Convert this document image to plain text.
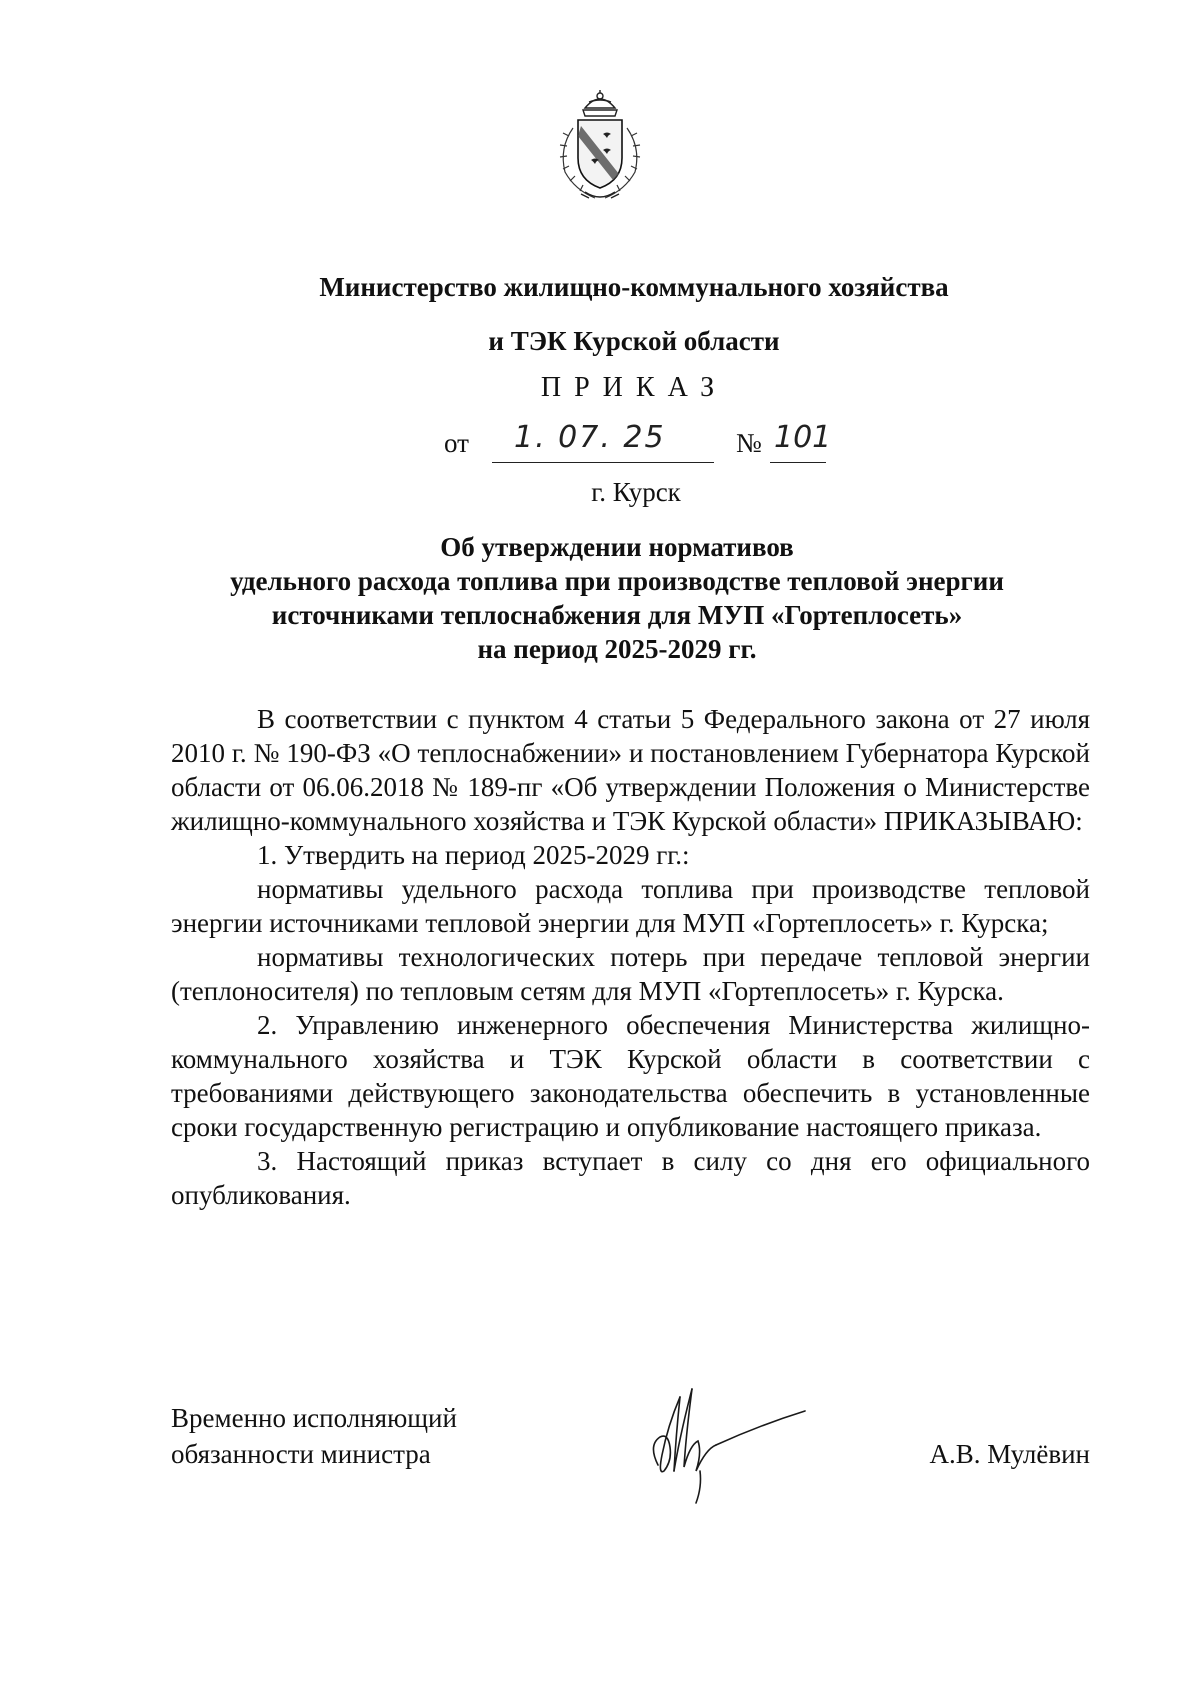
Министерство жилищно-коммунального хозяйства
и ТЭК Курской области
ПРИКАЗ
от 1. 07. 25	№ 101
г. Курск
Об утверждении нормативов
удельного расхода топлива при производстве тепловой энергии
источниками теплоснабжения для МУП «Гортеплосеть»
на период 2025-2029 гг.

В соответствии с пунктом 4 статьи 5 Федерального закона от 27 июля 2010 г. № 190-ФЗ «О теплоснабжении» и постановлением Губернатора Курской области от 06.06.2018 № 189-пг «Об утверждении Положения о Министерстве жилищно-коммунального хозяйства и ТЭК Курской области» ПРИКАЗЫВАЮ:

1. Утвердить на период 2025-2029 гг.:

нормативы удельного расхода топлива при производстве тепловой энергии источниками тепловой энергии для МУП «Гортеплосеть» г. Курска;

нормативы технологических потерь при передаче тепловой энергии (теплоносителя) по тепловым сетям для МУП «Гортеплосеть» г. Курска.

2. Управлению инженерного обеспечения Министерства жилищно-коммунального хозяйства и ТЭК Курской области в соответствии с требованиями действующего законодательства обеспечить в установленные сроки государственную регистрацию и опубликование настоящего приказа.

3. Настоящий приказ вступает в силу со дня его официального опубликования.

Временно исполняющий
обязанности министра	А.В. Мулёвин
